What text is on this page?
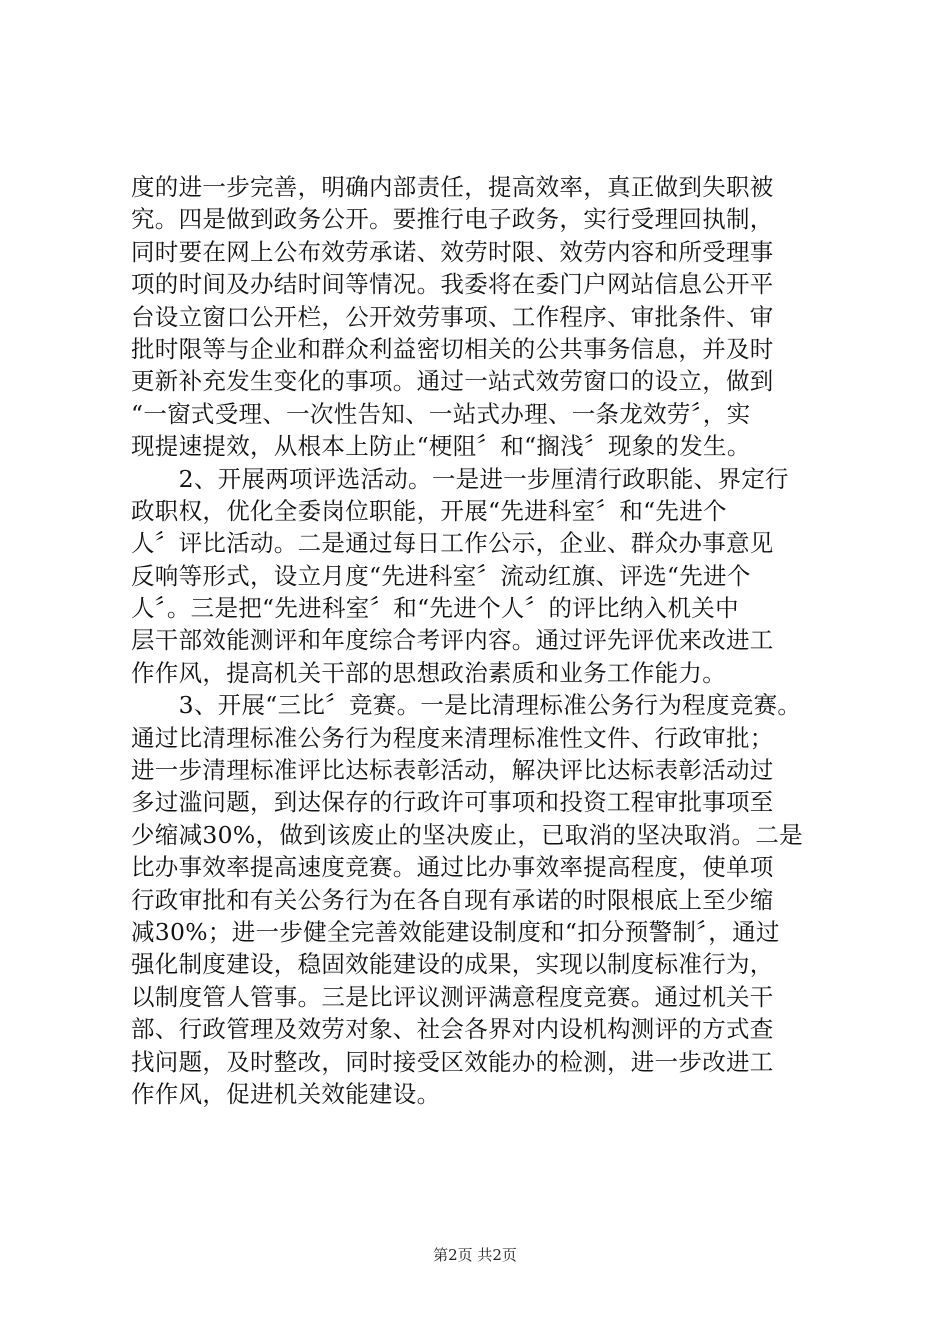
度的进一步完善，明确内部责任，提高效率，真正做到失职被
究。四是做到政务公开。要推行电子政务，实行受理回执制，
同时要在网上公布效劳承诺、效劳时限、效劳内容和所受理事
项的时间及办结时间等情况。我委将在委门户网站信息公开平
台设立窗口公开栏，公开效劳事项、工作程序、审批条件、审
批时限等与企业和群众利益密切相关的公共事务信息，并及时
更新补充发生变化的事项。通过一站式效劳窗口的设立，做到
“一窗式受理、一次性告知、一站式办理、一条龙效劳〞，实
现提速提效，从根本上防止“梗阻〞和“搁浅〞现象的发生。
　　2、开展两项评选活动。一是进一步厘清行政职能、界定行
政职权，优化全委岗位职能，开展“先进科室〞和“先进个
人〞评比活动。二是通过每日工作公示，企业、群众办事意见
反响等形式，设立月度“先进科室〞流动红旗、评选“先进个
人〞。三是把“先进科室〞和“先进个人〞的评比纳入机关中
层干部效能测评和年度综合考评内容。通过评先评优来改进工
作作风，提高机关干部的思想政治素质和业务工作能力。
　　3、开展“三比〞竞赛。一是比清理标准公务行为程度竞赛。
通过比清理标准公务行为程度来清理标准性文件、行政审批；
进一步清理标准评比达标表彰活动，解决评比达标表彰活动过
多过滥问题，到达保存的行政许可事项和投资工程审批事项至
少缩减30%，做到该废止的坚决废止，已取消的坚决取消。二是
比办事效率提高速度竞赛。通过比办事效率提高程度，使单项
行政审批和有关公务行为在各自现有承诺的时限根底上至少缩
减30%；进一步健全完善效能建设制度和“扣分预警制〞，通过
强化制度建设，稳固效能建设的成果，实现以制度标准行为，
以制度管人管事。三是比评议测评满意程度竞赛。通过机关干
部、行政管理及效劳对象、社会各界对内设机构测评的方式查
找问题，及时整改，同时接受区效能办的检测，进一步改进工
作作风，促进机关效能建设。
第2页 共2页
